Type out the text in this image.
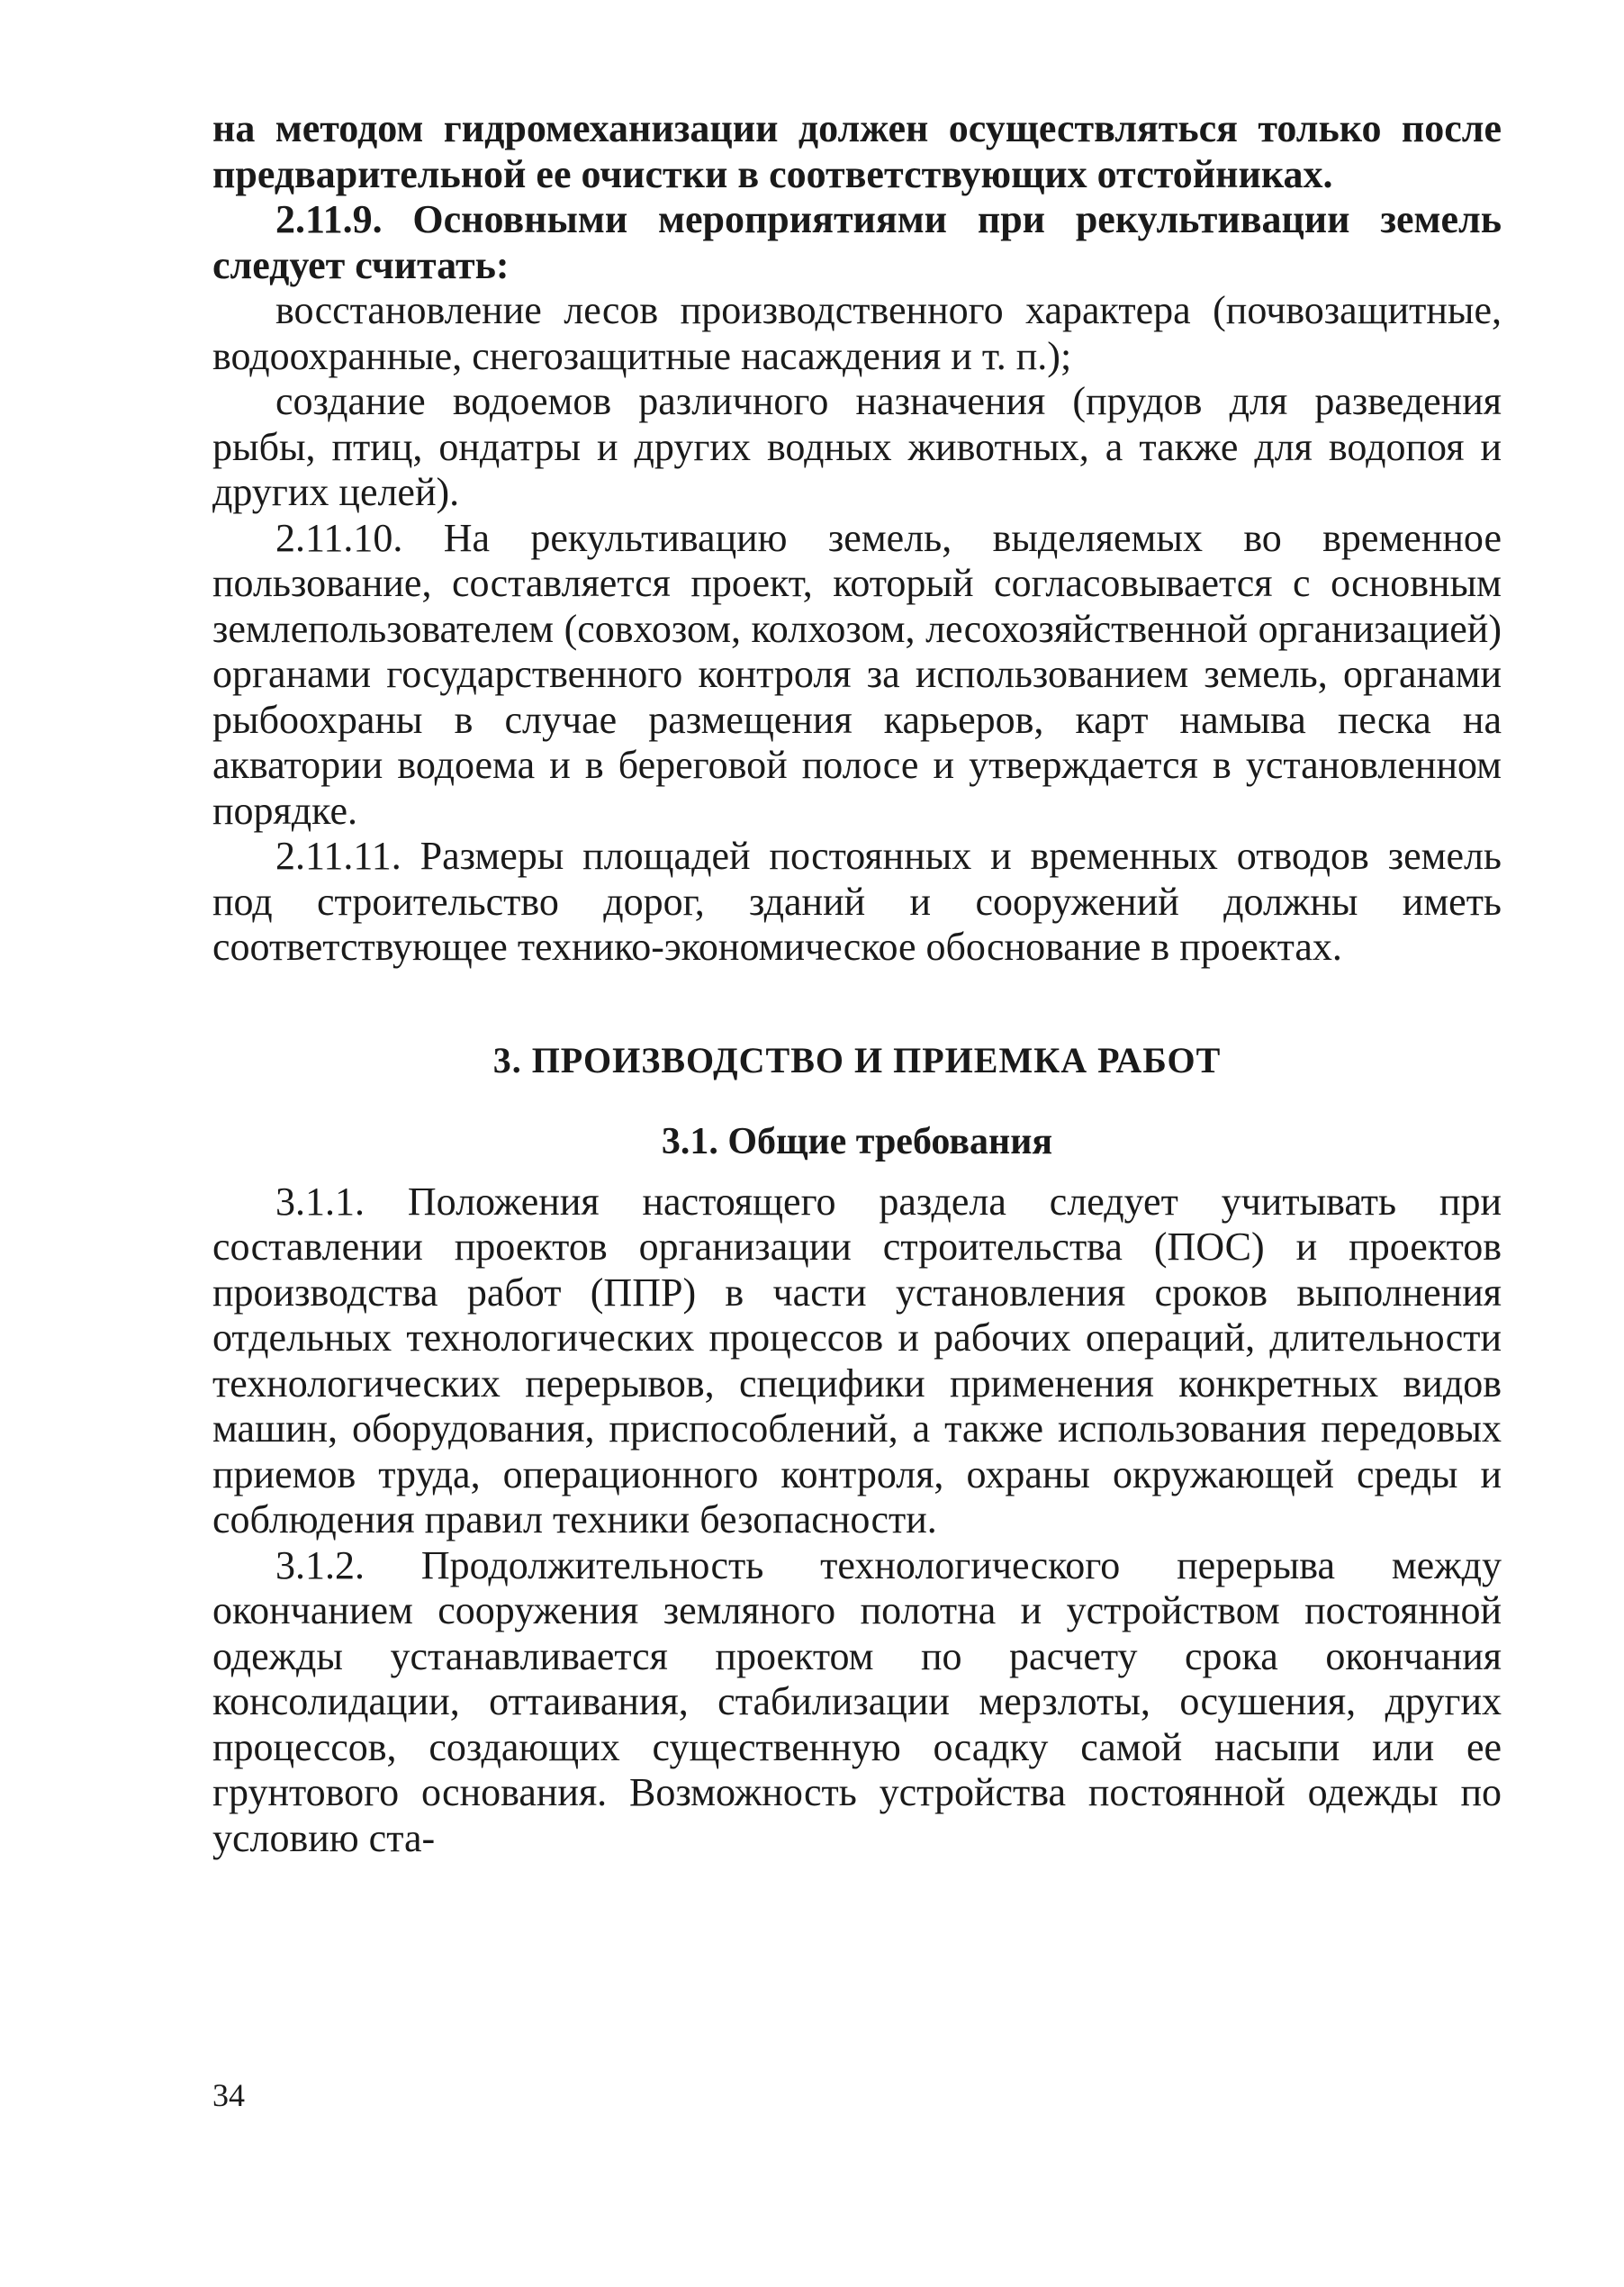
на методом гидромеханизации должен осуществляться только после предварительной ее очистки в соответствующих отстойниках.

2.11.9. Основными мероприятиями при рекультивации земель следует считать:

восстановление лесов производственного характера (почвозащитные, водоохранные, снегозащитные насаждения и т. п.);

создание водоемов различного назначения (прудов для разведения рыбы, птиц, ондатры и других водных животных, а также для водопоя и других целей).

2.11.10. На рекультивацию земель, выделяемых во временное пользование, составляется проект, который согласовывается с основным землепользователем (совхозом, колхозом, лесохозяйственной организацией) органами государственного контроля за использованием земель, органами рыбоохраны в случае размещения карьеров, карт намыва песка на акватории водоема и в береговой полосе и утверждается в установленном порядке.

2.11.11. Размеры площадей постоянных и временных отводов земель под строительство дорог, зданий и сооружений должны иметь соответствующее технико-экономическое обоснование в проектах.

3. ПРОИЗВОДСТВО И ПРИЕМКА РАБОТ
3.1. Общие требования

3.1.1. Положения настоящего раздела следует учитывать при составлении проектов организации строительства (ПОС) и проектов производства работ (ППР) в части установления сроков выполнения отдельных технологических процессов и рабочих операций, длительности технологических перерывов, специфики применения конкретных видов машин, оборудования, приспособлений, а также использования передовых приемов труда, операционного контроля, охраны окружающей среды и соблюдения правил техники безопасности.

3.1.2. Продолжительность технологического перерыва между окончанием сооружения земляного полотна и устройством постоянной одежды устанавливается проектом по расчету срока окончания консолидации, оттаивания, стабилизации мерзлоты, осушения, других процессов, создающих существенную осадку самой насыпи или ее грунтового основания. Возможность устройства постоянной одежды по условию ста-

34
